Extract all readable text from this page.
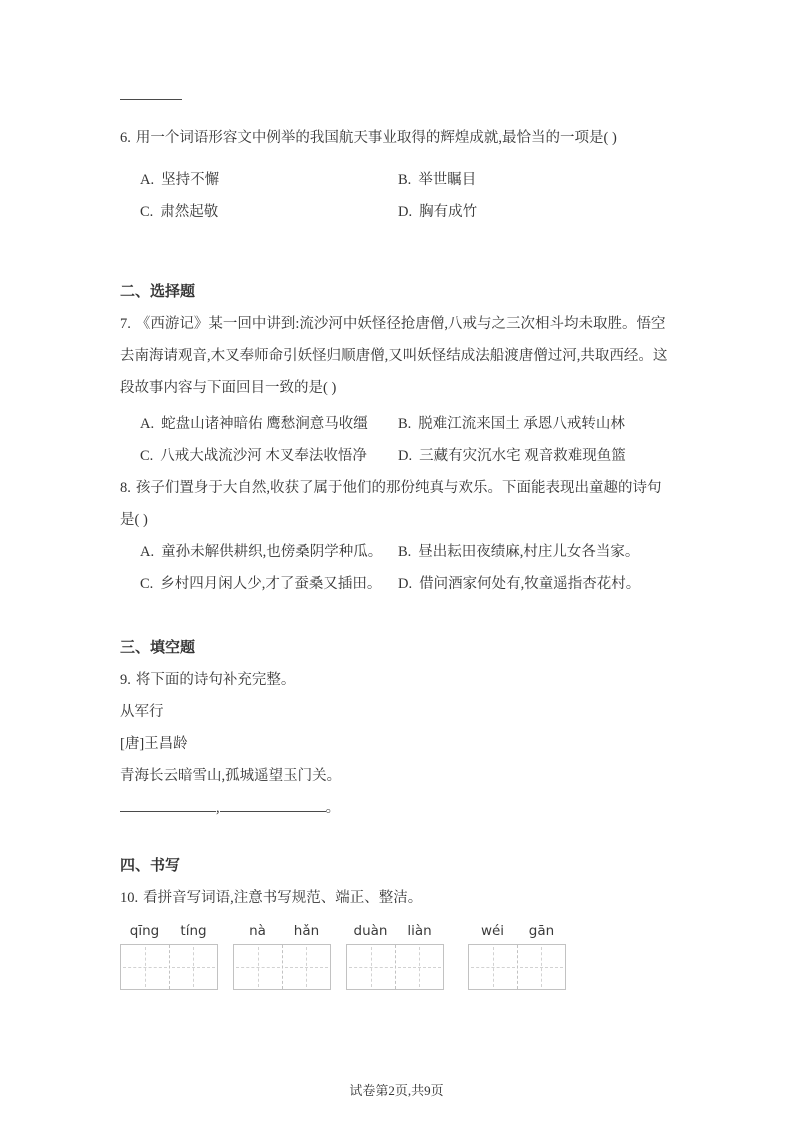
6. 用一个词语形容文中例举的我国航天事业取得的辉煌成就,最恰当的一项是( )

A. 坚持不懈	B. 举世瞩目
C. 肃然起敬	D. 胸有成竹

二、选择题

7. 《西游记》某一回中讲到:流沙河中妖怪径抢唐僧,八戒与之三次相斗均未取胜。悟空去南海请观音,木叉奉师命引妖怪归顺唐僧,又叫妖怪结成法船渡唐僧过河,共取西经。这段故事内容与下面回目一致的是( )

A. 蛇盘山诸神暗佑 鹰愁涧意马收缰	B. 脱难江流来国土 承恩八戒转山林
C. 八戒大战流沙河 木叉奉法收悟净	D. 三藏有灾沉水宅 观音救难现鱼篮

8. 孩子们置身于大自然,收获了属于他们的那份纯真与欢乐。下面能表现出童趣的诗句是( )

A. 童孙未解供耕织,也傍桑阴学种瓜。	B. 昼出耘田夜绩麻,村庄儿女各当家。
C. 乡村四月闲人少,才了蚕桑又插田。	D. 借问酒家何处有,牧童遥指杏花村。

三、填空题

9. 将下面的诗句补充完整。

从军行

[唐]王昌龄

青海长云暗雪山,孤城遥望玉门关。

,	。

四、书写

10. 看拼音写词语,注意书写规范、端正、整洁。

qīng	tíng	nà	hǎn	duàn	liàn	wéi	gān
试卷第2页,共9页
